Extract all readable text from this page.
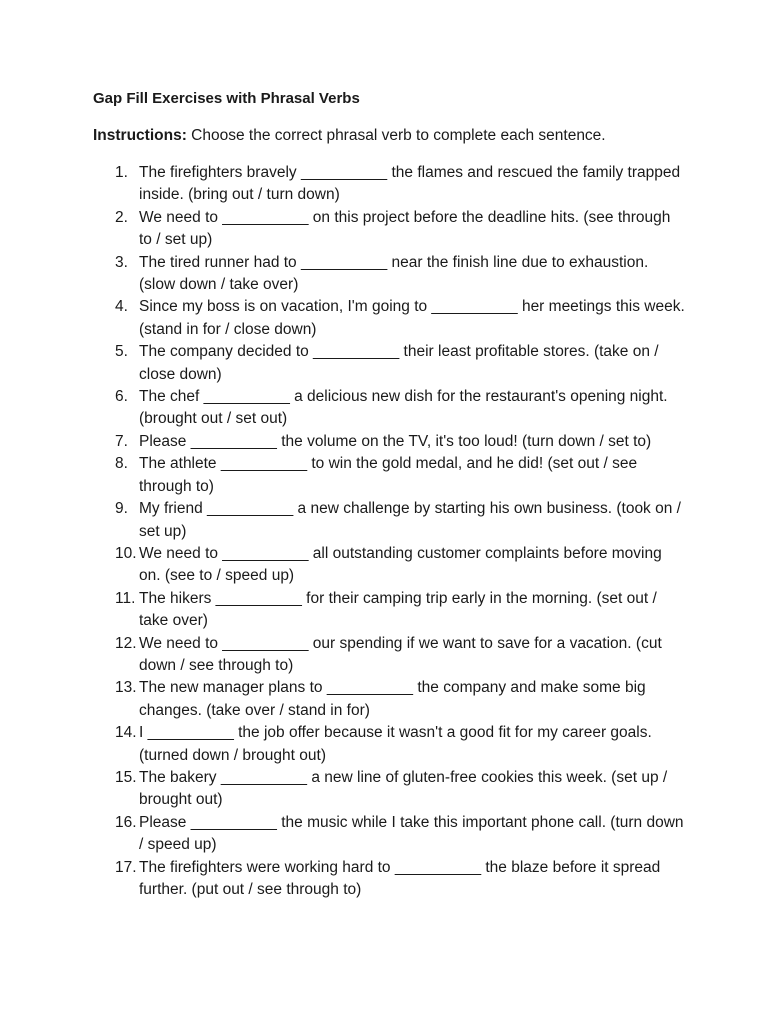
Gap Fill Exercises with Phrasal Verbs
Instructions: Choose the correct phrasal verb to complete each sentence.
1. The firefighters bravely __________ the flames and rescued the family trapped inside. (bring out / turn down)
2. We need to __________ on this project before the deadline hits. (see through to / set up)
3. The tired runner had to __________ near the finish line due to exhaustion. (slow down / take over)
4. Since my boss is on vacation, I'm going to __________ her meetings this week. (stand in for / close down)
5. The company decided to __________ their least profitable stores. (take on / close down)
6. The chef __________ a delicious new dish for the restaurant's opening night. (brought out / set out)
7. Please __________ the volume on the TV, it's too loud! (turn down / set to)
8. The athlete __________ to win the gold medal, and he did! (set out / see through to)
9. My friend __________ a new challenge by starting his own business. (took on / set up)
10. We need to __________ all outstanding customer complaints before moving on. (see to / speed up)
11. The hikers __________ for their camping trip early in the morning. (set out / take over)
12. We need to __________ our spending if we want to save for a vacation. (cut down / see through to)
13. The new manager plans to __________ the company and make some big changes. (take over / stand in for)
14. I __________ the job offer because it wasn't a good fit for my career goals. (turned down / brought out)
15. The bakery __________ a new line of gluten-free cookies this week. (set up / brought out)
16. Please __________ the music while I take this important phone call. (turn down / speed up)
17. The firefighters were working hard to __________ the blaze before it spread further. (put out / see through to)
